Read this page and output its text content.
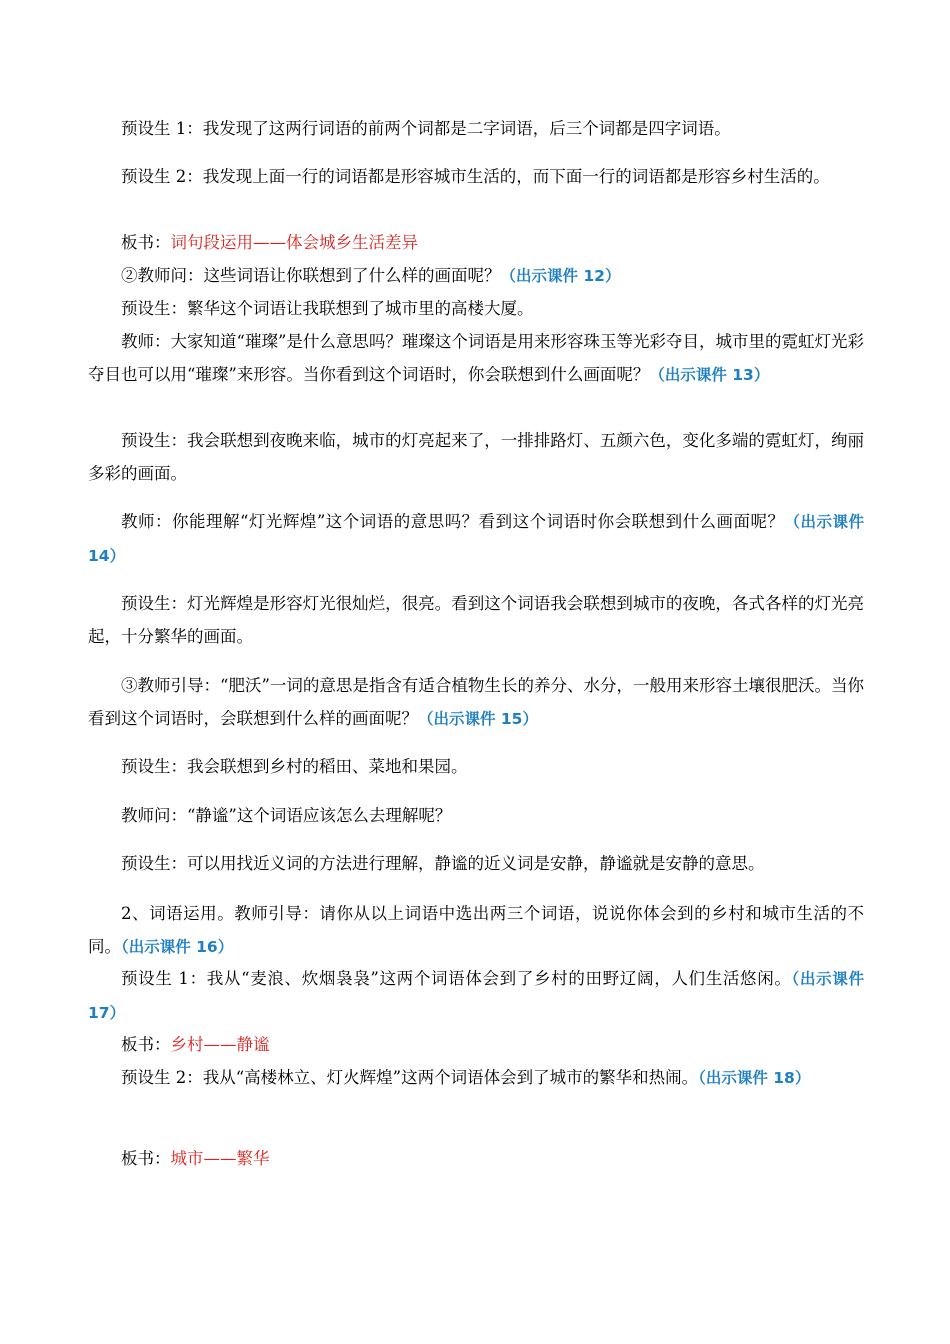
预设生 1：我发现了这两行词语的前两个词都是二字词语，后三个词都是四字词语。

预设生 2：我发现上面一行的词语都是形容城市生活的，而下面一行的词语都是形容乡村生活的。

板书：词句段运用——体会城乡生活差异

②教师问：这些词语让你联想到了什么样的画面呢？（出示课件 12）

预设生：繁华这个词语让我联想到了城市里的高楼大厦。

教师：大家知道“璀璨”是什么意思吗？璀璨这个词语是用来形容珠玉等光彩夺目，城市里的霓虹灯光彩夺目也可以用“璀璨”来形容。当你看到这个词语时，你会联想到什么画面呢？（出示课件 13）

预设生：我会联想到夜晚来临，城市的灯亮起来了，一排排路灯、五颜六色，变化多端的霓虹灯，绚丽多彩的画面。

教师：你能理解“灯光辉煌”这个词语的意思吗？看到这个词语时你会联想到什么画面呢？（出示课件 14）

预设生：灯光辉煌是形容灯光很灿烂，很亮。看到这个词语我会联想到城市的夜晚，各式各样的灯光亮起，十分繁华的画面。

③教师引导：“肥沃”一词的意思是指含有适合植物生长的养分、水分，一般用来形容土壤很肥沃。当你看到这个词语时，会联想到什么样的画面呢？（出示课件 15）

预设生：我会联想到乡村的稻田、菜地和果园。

教师问：“静谧”这个词语应该怎么去理解呢？

预设生：可以用找近义词的方法进行理解，静谧的近义词是安静，静谧就是安静的意思。

2、词语运用。教师引导：请你从以上词语中选出两三个词语，说说你体会到的乡村和城市生活的不同。（出示课件 16）

预设生 1：我从“麦浪、炊烟袅袅”这两个词语体会到了乡村的田野辽阔，人们生活悠闲。（出示课件 17）

板书：乡村——静谧

预设生 2：我从“高楼林立、灯火辉煌”这两个词语体会到了城市的繁华和热闹。（出示课件 18）

板书：城市——繁华
